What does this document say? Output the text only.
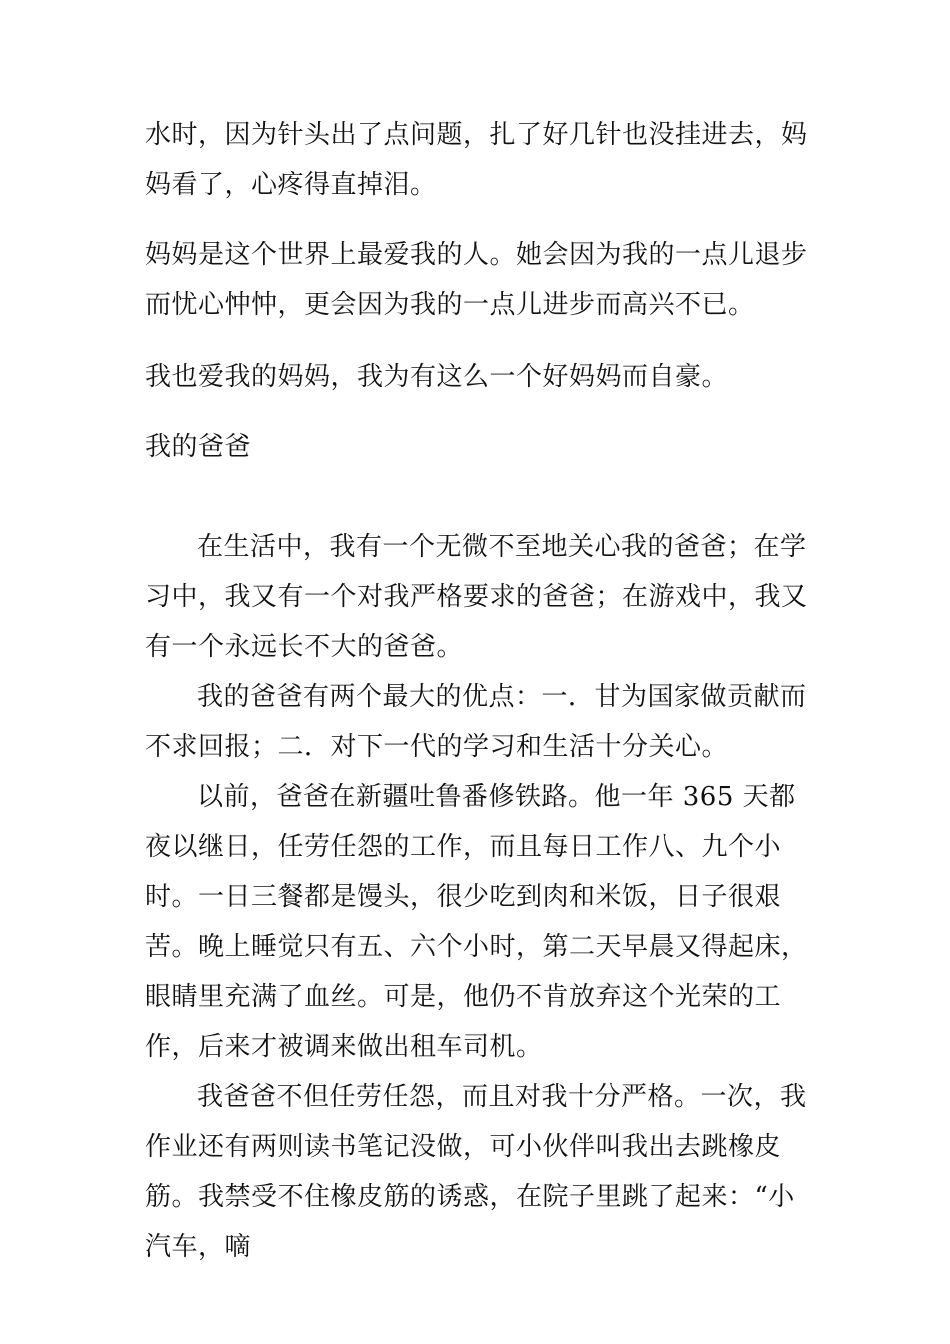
水时，因为针头出了点问题，扎了好几针也没挂进去，妈妈看了，心疼得直掉泪。

妈妈是这个世界上最爱我的人。她会因为我的一点儿退步而忧心忡忡，更会因为我的一点儿进步而高兴不已。

我也爱我的妈妈，我为有这么一个好妈妈而自豪。

我的爸爸

在生活中，我有一个无微不至地关心我的爸爸；在学习中，我又有一个对我严格要求的爸爸；在游戏中，我又有一个永远长不大的爸爸。

我的爸爸有两个最大的优点：一．甘为国家做贡献而不求回报；二．对下一代的学习和生活十分关心。

以前，爸爸在新疆吐鲁番修铁路。他一年 365 天都夜以继日，任劳任怨的工作，而且每日工作八、九个小时。一日三餐都是馒头，很少吃到肉和米饭，日子很艰苦。晚上睡觉只有五、六个小时，第二天早晨又得起床，眼睛里充满了血丝。可是，他仍不肯放弃这个光荣的工作，后来才被调来做出租车司机。

我爸爸不但任劳任怨，而且对我十分严格。一次，我作业还有两则读书笔记没做，可小伙伴叫我出去跳橡皮筋。我禁受不住橡皮筋的诱惑，在院子里跳了起来：“小汽车，嘀
